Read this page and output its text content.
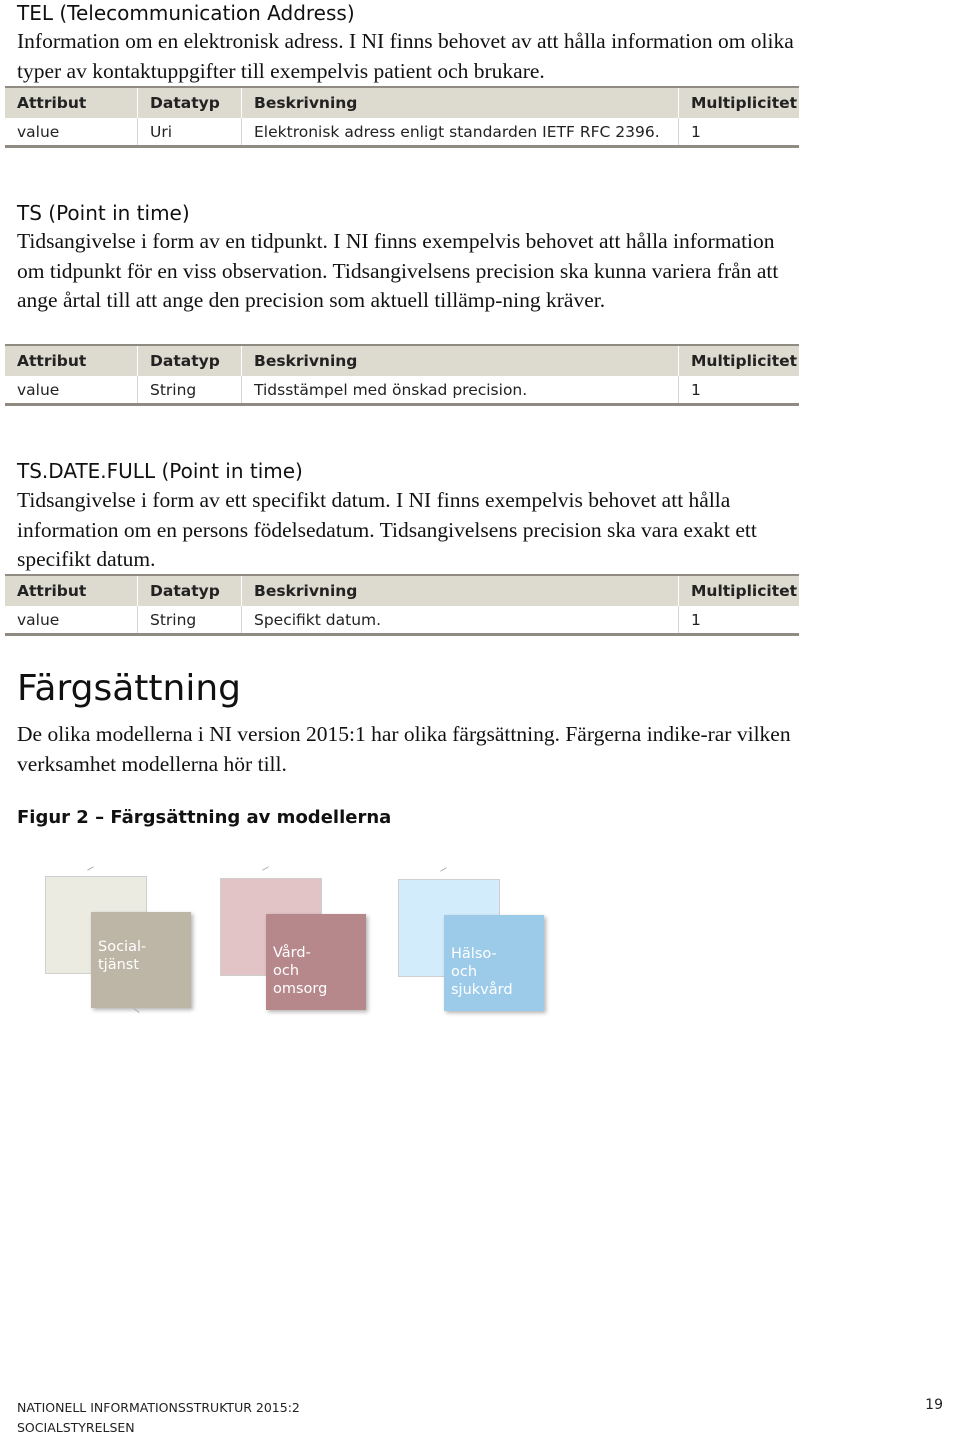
TEL (Telecommunication Address)
Information om en elektronisk adress. I NI finns behovet av att hålla information om olika typer av kontaktuppgifter till exempelvis patient och brukare.
Attribut	Datatyp	Beskrivning	Multiplicitet
value	Uri	Elektronisk adress enligt standarden IETF RFC 2396.	1
TS (Point in time)
Tidsangivelse i form av en tidpunkt. I NI finns exempelvis behovet att hålla information om tidpunkt för en viss observation. Tidsangivelsens precision ska kunna variera från att ange årtal till att ange den precision som aktuell tillämp-ning kräver.
Attribut	Datatyp	Beskrivning	Multiplicitet
value	String	Tidsstämpel med önskad precision.	1
TS.DATE.FULL (Point in time)
Tidsangivelse i form av ett specifikt datum. I NI finns exempelvis behovet att hålla information om en persons födelsedatum. Tidsangivelsens precision ska vara exakt ett specifikt datum.
Attribut	Datatyp	Beskrivning	Multiplicitet
value	String	Specifikt datum.	1
Färgsättning
De olika modellerna i NI version 2015:1 har olika färgsättning. Färgerna indike-rar vilken verksamhet modellerna hör till.
Figur 2 – Färgsättning av modellerna
Social-
tjänst
Vård-
och
omsorg
Hälso-
och
sjukvård
NATIONELL INFORMATIONSSTRUKTUR 2015:2
SOCIALSTYRELSEN
19
